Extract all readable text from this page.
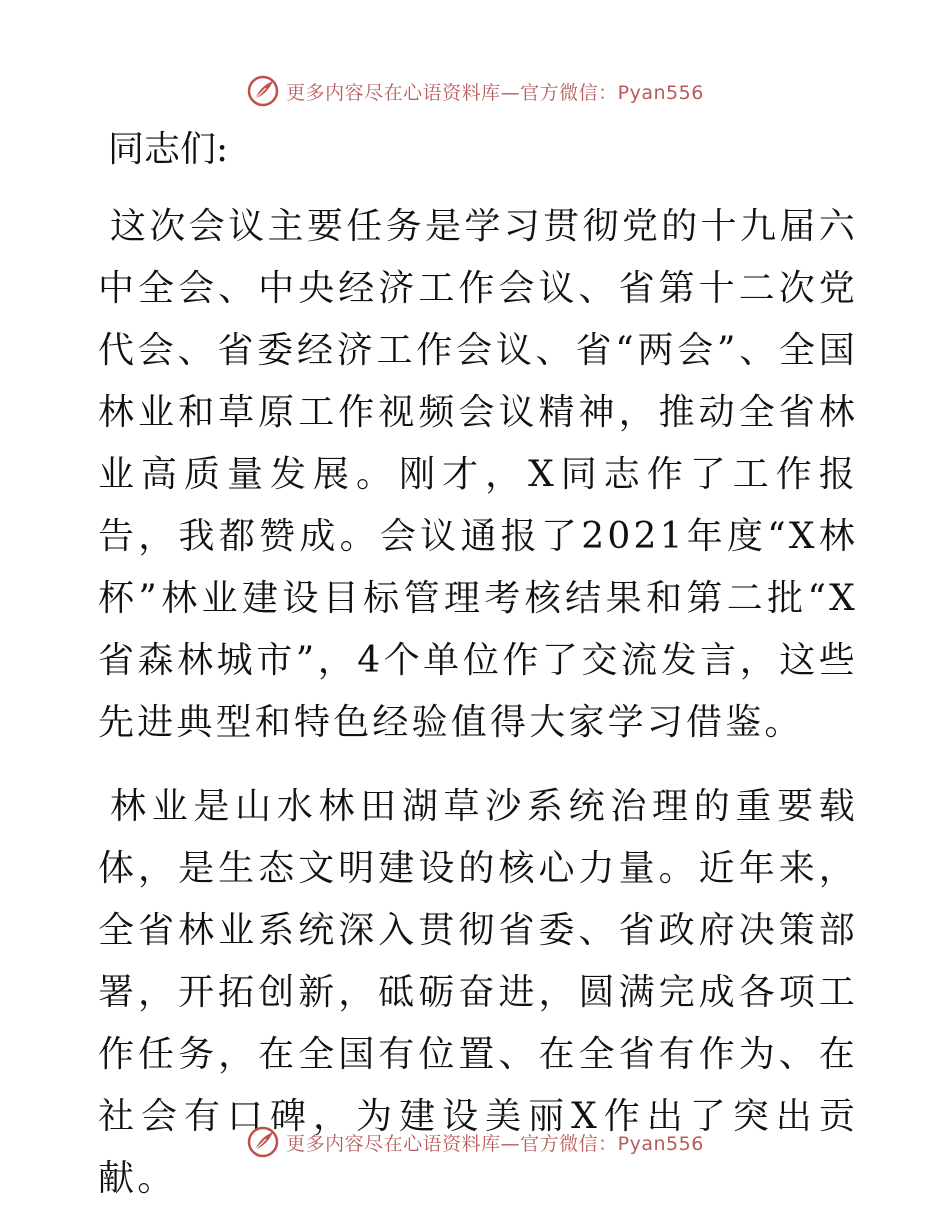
更多内容尽在心语资料库—官方微信：Pyan556
同志们:

这次会议主要任务是学习贯彻党的十九届六中全会、中央经济工作会议、省第十二次党代会、省委经济工作会议、省“两会”、全国林业和草原工作视频会议精神，推动全省林业高质量发展。刚才，X同志作了工作报告，我都赞成。会议通报了2021年度“X林杯”林业建设目标管理考核结果和第二批“X省森林城市”，4个单位作了交流发言，这些先进典型和特色经验值得大家学习借鉴。

林业是山水林田湖草沙系统治理的重要载体，是生态文明建设的核心力量。近年来，全省林业系统深入贯彻省委、省政府决策部署，开拓创新，砥砺奋进，圆满完成各项工作任务，在全国有位置、在全省有作为、在社会有口碑，为建设美丽X作出了突出贡献。

更多内容尽在心语资料库—官方微信：Pyan556
